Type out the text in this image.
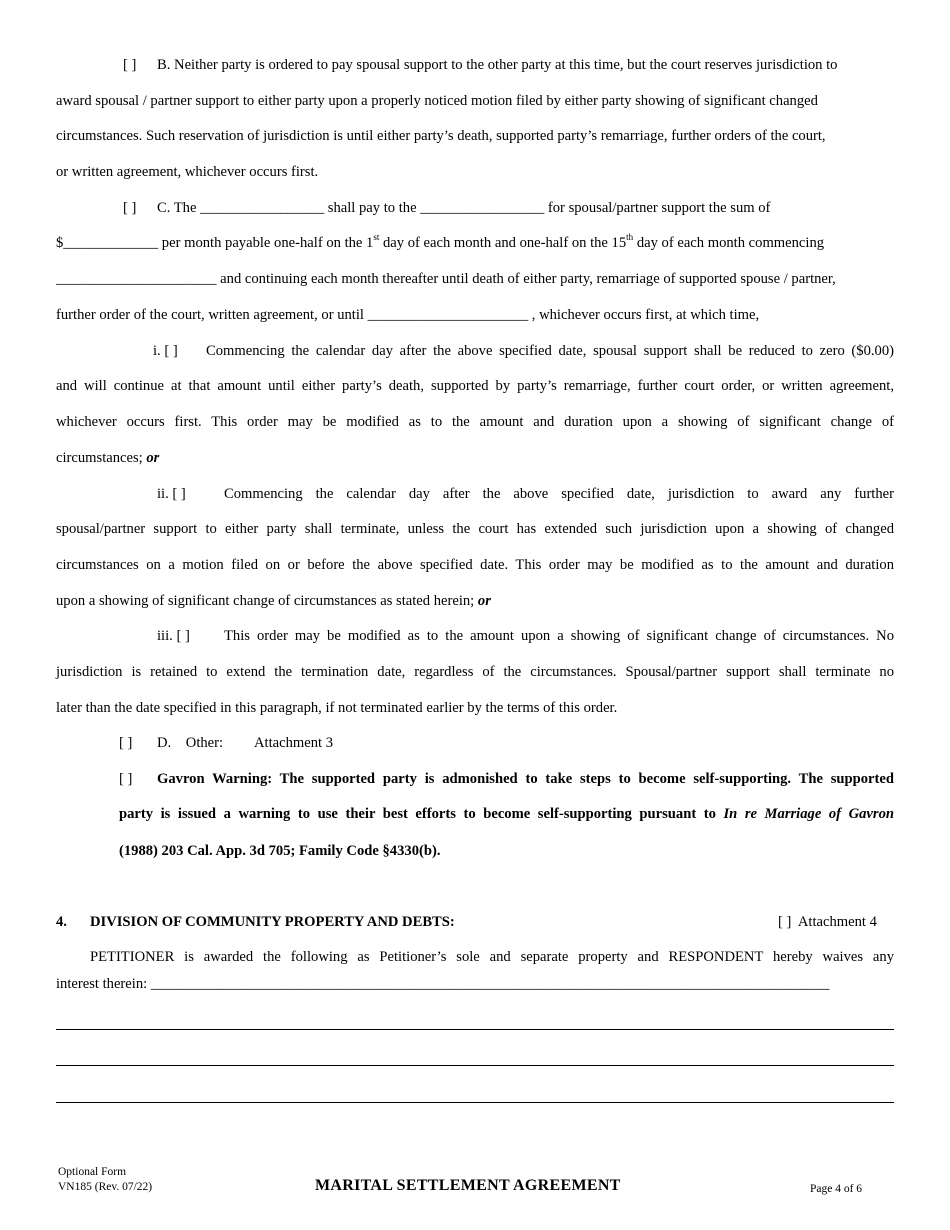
[ ] B. Neither party is ordered to pay spousal support to the other party at this time, but the court reserves jurisdiction to
award spousal / partner support to either party upon a properly noticed motion filed by either party showing of significant changed
circumstances. Such reservation of jurisdiction is until either party’s death, supported party’s remarriage, further orders of the court,
or written agreement, whichever occurs first.
[ ] C. The _________________ shall pay to the _________________ for spousal/partner support the sum of
$_____________ per month payable one-half on the 1st day of each month and one-half on the 15th day of each month commencing
______________________ and continuing each month thereafter until death of either party, remarriage of supported spouse / partner,
further order of the court, written agreement, or until ______________________ , whichever occurs first, at which time,
i. [ ] Commencing the calendar day after the above specified date, spousal support shall be reduced to zero ($0.00)
and will continue at that amount until either party’s death, supported by party’s remarriage, further court order, or written agreement,
whichever occurs first. This order may be modified as to the amount and duration upon a showing of significant change of
circumstances; or
ii. [ ]	Commencing the calendar day after the above specified date, jurisdiction to award any further
spousal/partner support to either party shall terminate, unless the court has extended such jurisdiction upon a showing of changed
circumstances on a motion filed on or before the above specified date. This order may be modified as to the amount and duration
upon a showing of significant change of circumstances as stated herein; or
iii. [ ] This order may be modified as to the amount upon a showing of significant change of circumstances. No
jurisdiction is retained to extend the termination date, regardless of the circumstances. Spousal/partner support shall terminate no
later than the date specified in this paragraph, if not terminated earlier by the terms of this order.
[ ] D.    Other: Attachment 3
[ ] Gavron Warning: The supported party is admonished to take steps to become self-supporting. The supported
party is issued a warning to use their best efforts to become self-supporting pursuant to In re Marriage of Gavron
(1988) 203 Cal. App. 3d 705; Family Code §4330(b).
4. DIVISION OF COMMUNITY PROPERTY AND DEBTS:	[ ]  Attachment 4
PETITIONER is awarded the following as Petitioner’s sole and separate property and RESPONDENT hereby waives any
interest therein: _____________________________________________________________________________________________
Optional Form
VN185 (Rev. 07/22)	MARITAL SETTLEMENT AGREEMENT	Page 4 of 6
